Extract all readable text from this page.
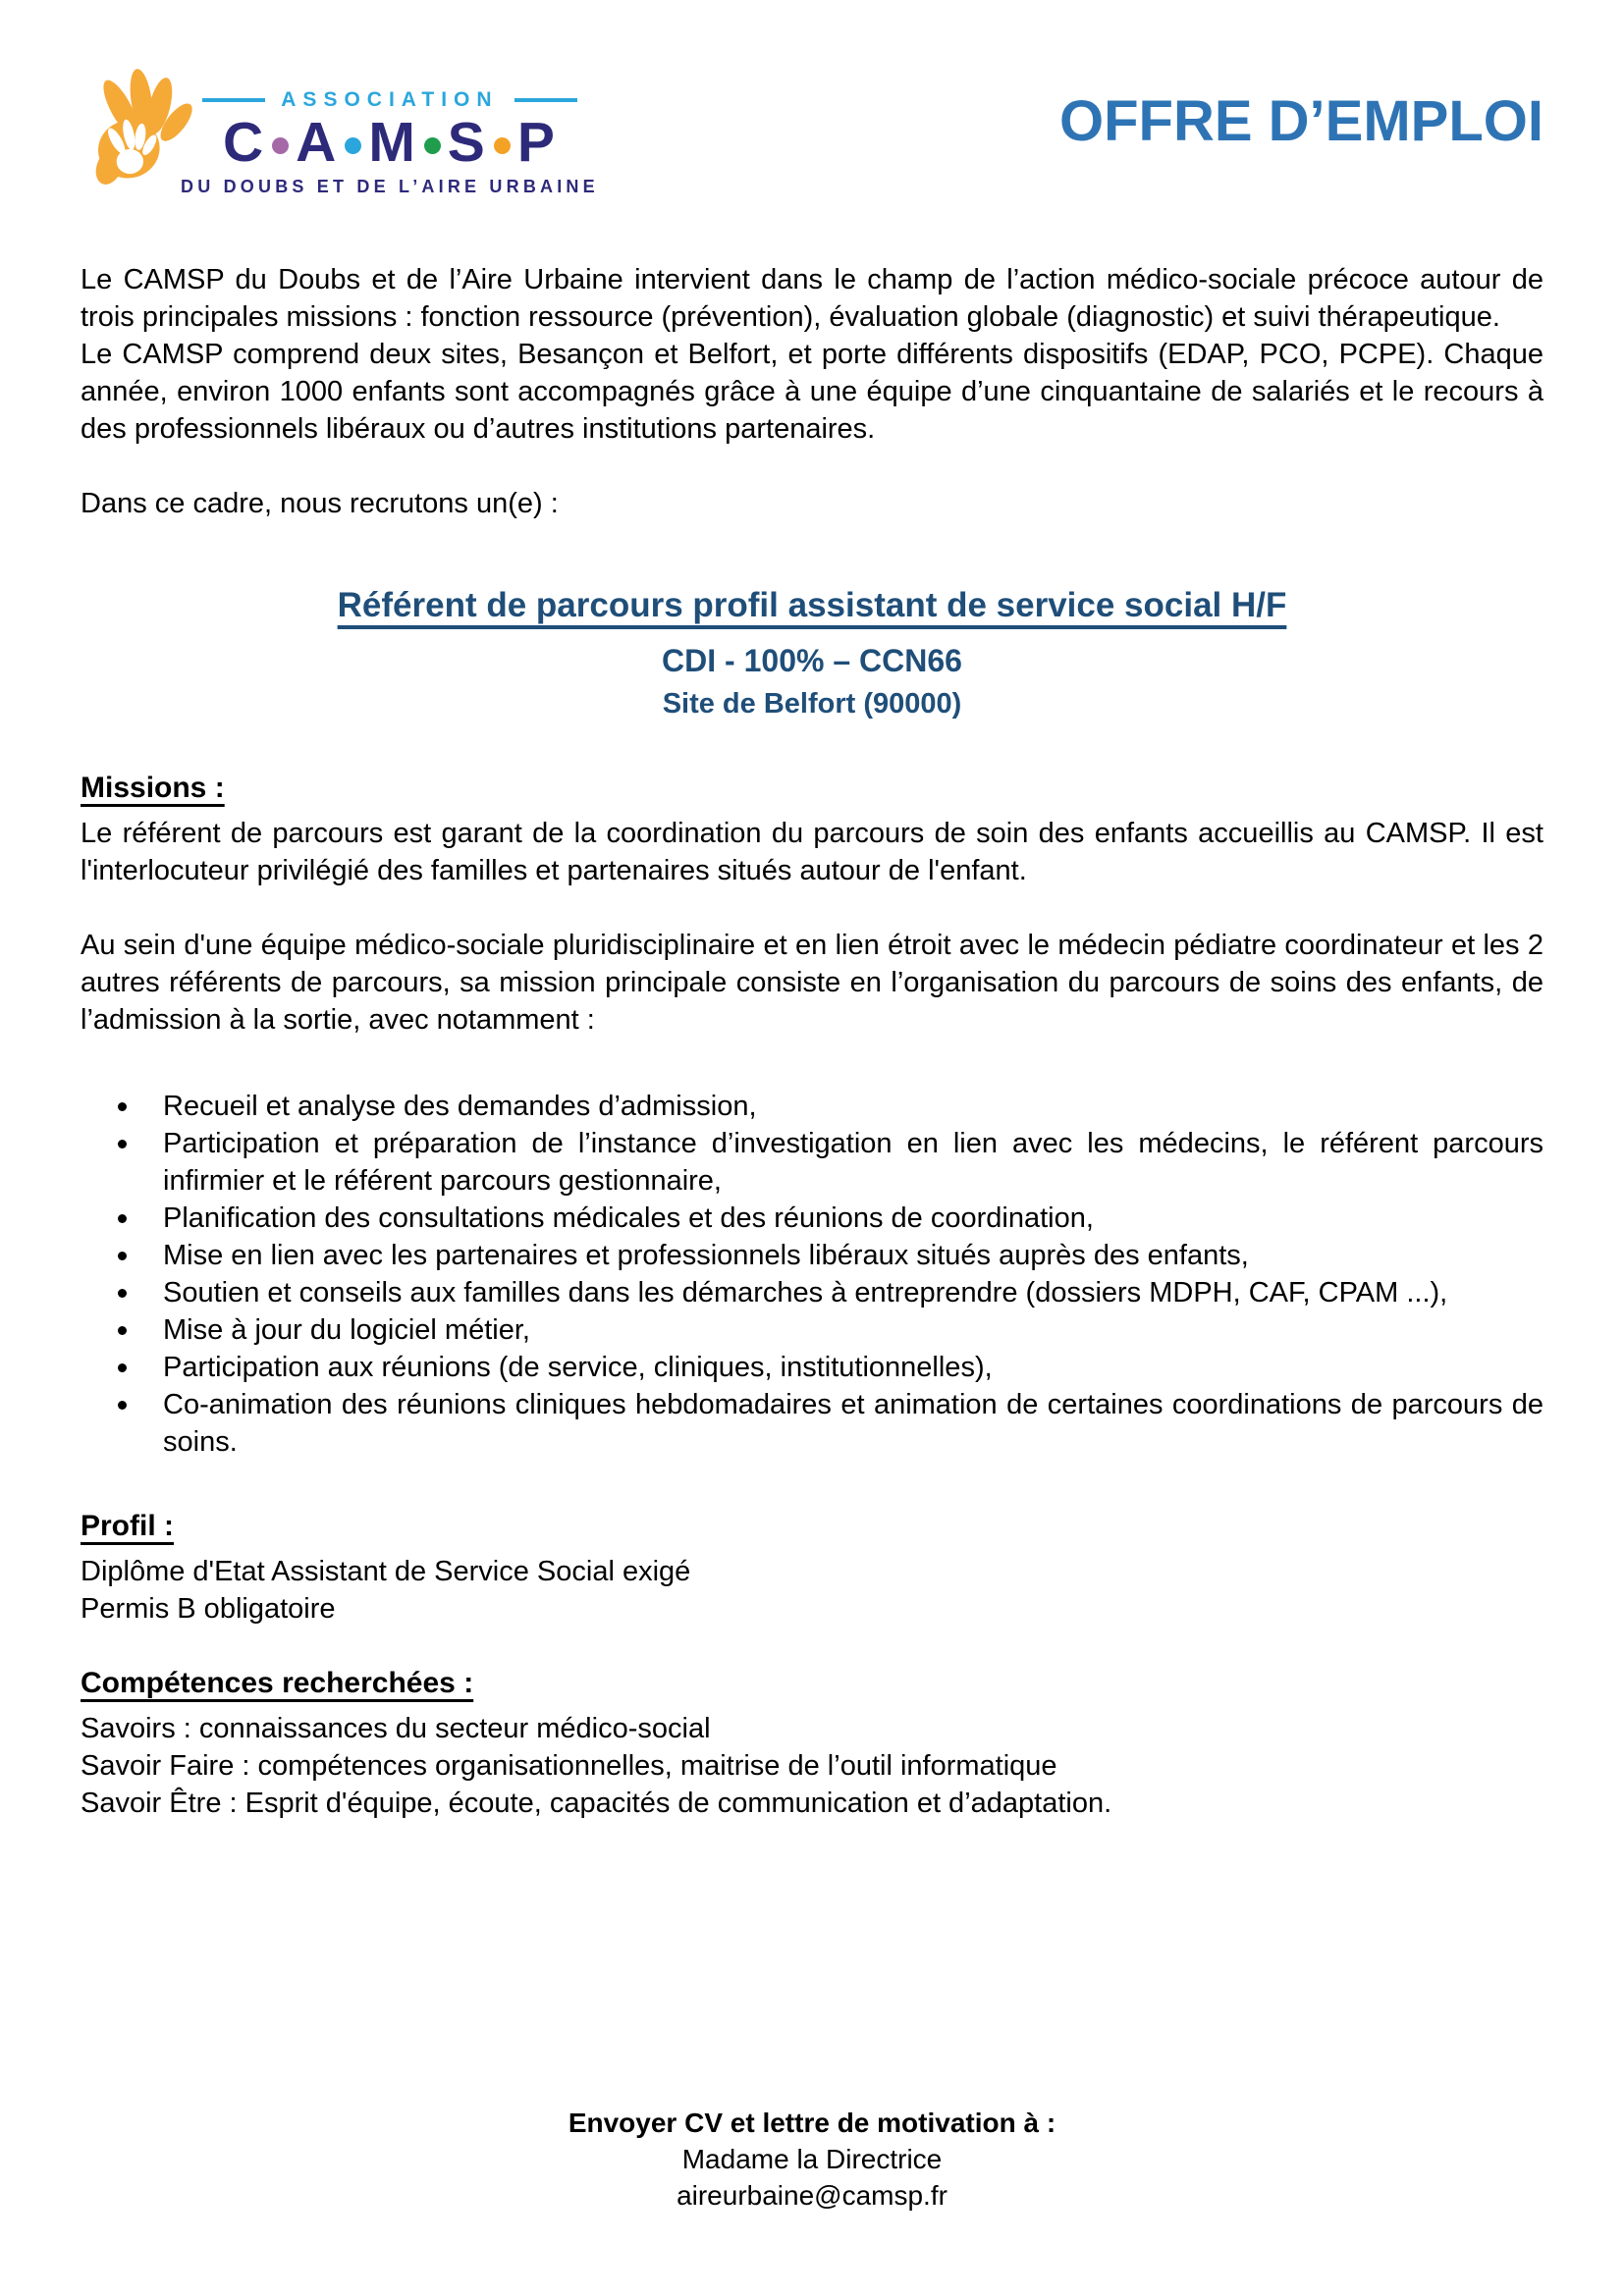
ASSOCIATION
C A M S P
DU DOUBS ET DE L’AIRE URBAINE
OFFRE D’EMPLOI

Le CAMSP du Doubs et de l’Aire Urbaine intervient dans le champ de l’action médico-sociale précoce autour de trois principales missions : fonction ressource (prévention), évaluation globale (diagnostic) et suivi thérapeutique.

Le CAMSP comprend deux sites, Besançon et Belfort, et porte différents dispositifs (EDAP, PCO, PCPE). Chaque année, environ 1000 enfants sont accompagnés grâce à une équipe d’une cinquantaine de salariés et le recours à des professionnels libéraux ou d’autres institutions partenaires.

Dans ce cadre, nous recrutons un(e) :

Référent de parcours profil assistant de service social H/F
CDI - 100% – CCN66
Site de Belfort (90000)
Missions :

Le référent de parcours est garant de la coordination du parcours de soin des enfants accueillis au CAMSP. Il est l'interlocuteur privilégié des familles et partenaires situés autour de l'enfant.

Au sein d'une équipe médico-sociale pluridisciplinaire et en lien étroit avec le médecin pédiatre coordinateur et les 2 autres référents de parcours, sa mission principale consiste en l’organisation du parcours de soins des enfants, de l’admission à la sortie, avec notamment :

Recueil et analyse des demandes d’admission,
Participation et préparation de l’instance d’investigation en lien avec les médecins, le référent parcours infirmier et le référent parcours gestionnaire,
Planification des consultations médicales et des réunions de coordination,
Mise en lien avec les partenaires et professionnels libéraux situés auprès des enfants,
Soutien et conseils aux familles dans les démarches à entreprendre (dossiers MDPH, CAF, CPAM ...),
Mise à jour du logiciel métier,
Participation aux réunions (de service, cliniques, institutionnelles),
Co-animation des réunions cliniques hebdomadaires et animation de certaines coordinations de parcours de soins.
Profil :

Diplôme d'Etat Assistant de Service Social exigé

Permis B obligatoire

Compétences recherchées :

Savoirs : connaissances du secteur médico-social

Savoir Faire : compétences organisationnelles, maitrise de l’outil informatique

Savoir Être : Esprit d'équipe, écoute, capacités de communication et d’adaptation.

Envoyer CV et lettre de motivation à :
Madame la Directrice
aireurbaine@camsp.fr
